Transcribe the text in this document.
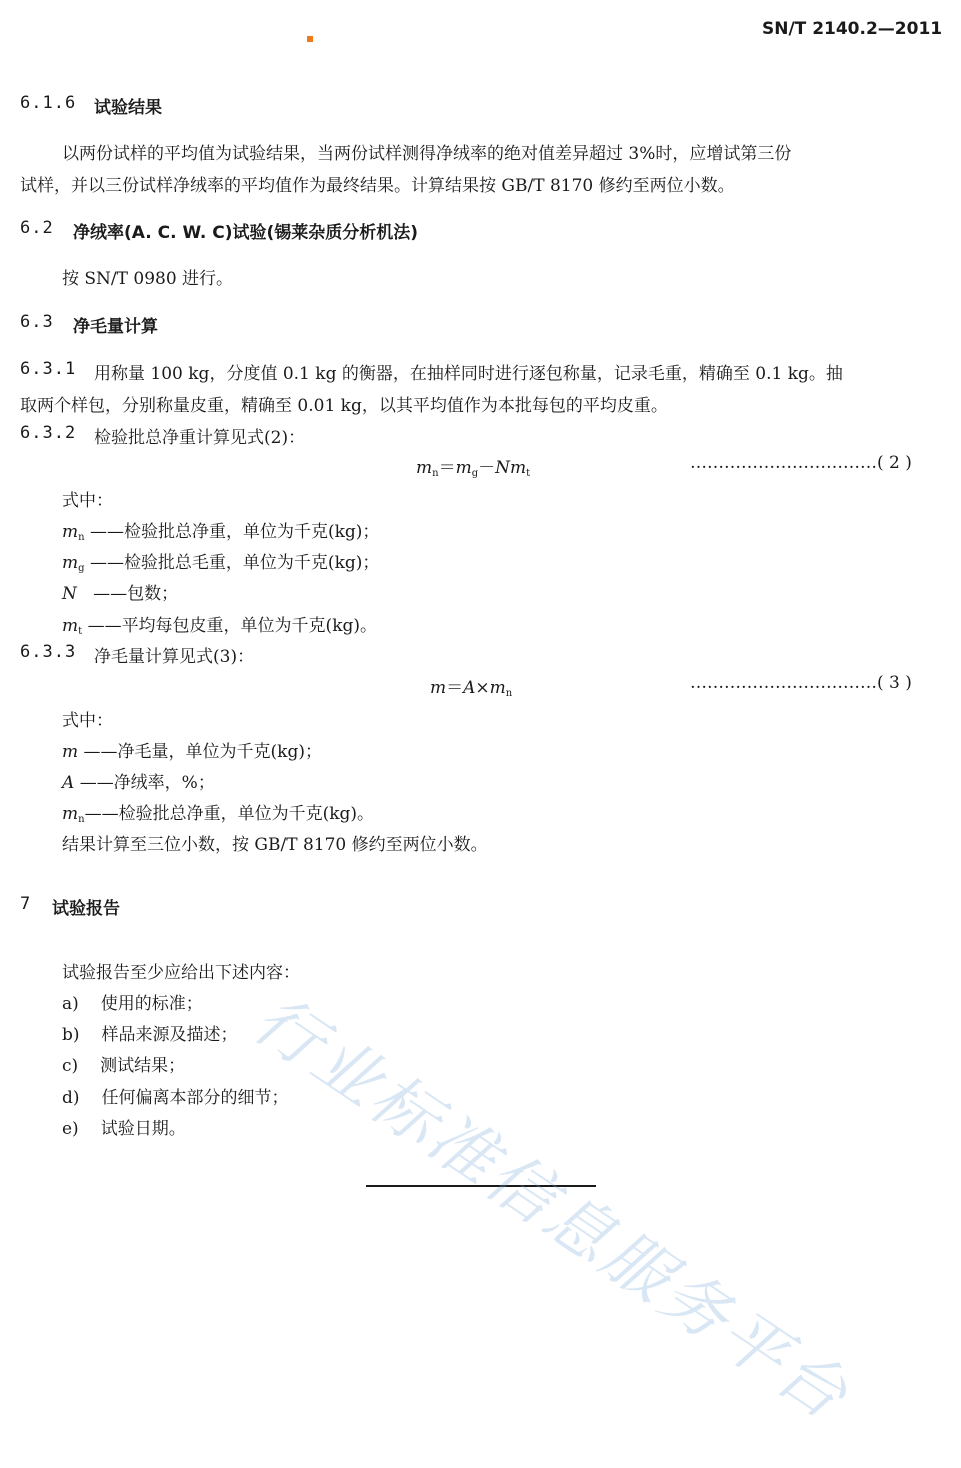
SN/T 2140.2—2011
6.1.6 试验结果
以两份试样的平均值为试验结果，当两份试样测得净绒率的绝对值差异超过 3%时，应增试第三份
试样，并以三份试样净绒率的平均值作为最终结果。计算结果按 GB/T 8170 修约至两位小数。
6.2 净绒率(A. C. W. C)试验(锡莱杂质分析机法)
按 SN/T 0980 进行。
6.3 净毛量计算
6.3.1 用称量 100 kg，分度值 0.1 kg 的衡器，在抽样同时进行逐包称量，记录毛重，精确至 0.1 kg。抽
取两个样包，分别称量皮重，精确至 0.01 kg，以其平均值作为本批每包的平均皮重。
6.3.2 检验批总净重计算见式(2)：
mn＝mg－Nmt
……………………………( 2 )
式中：
mn ——检验批总净重，单位为千克(kg)；
mg ——检验批总毛重，单位为千克(kg)；
N ——包数；
mt ——平均每包皮重，单位为千克(kg)。
6.3.3 净毛量计算见式(3)：
m＝A×mn
……………………………( 3 )
式中：
m ——净毛量，单位为千克(kg)；
A ——净绒率，%；
mn——检验批总净重，单位为千克(kg)。
结果计算至三位小数，按 GB/T 8170 修约至两位小数。
7 试验报告
试验报告至少应给出下述内容：
a) 使用的标准；
b) 样品来源及描述；
c) 测试结果；
d) 任何偏离本部分的细节；
e) 试验日期。 行业标准信息服务平台
